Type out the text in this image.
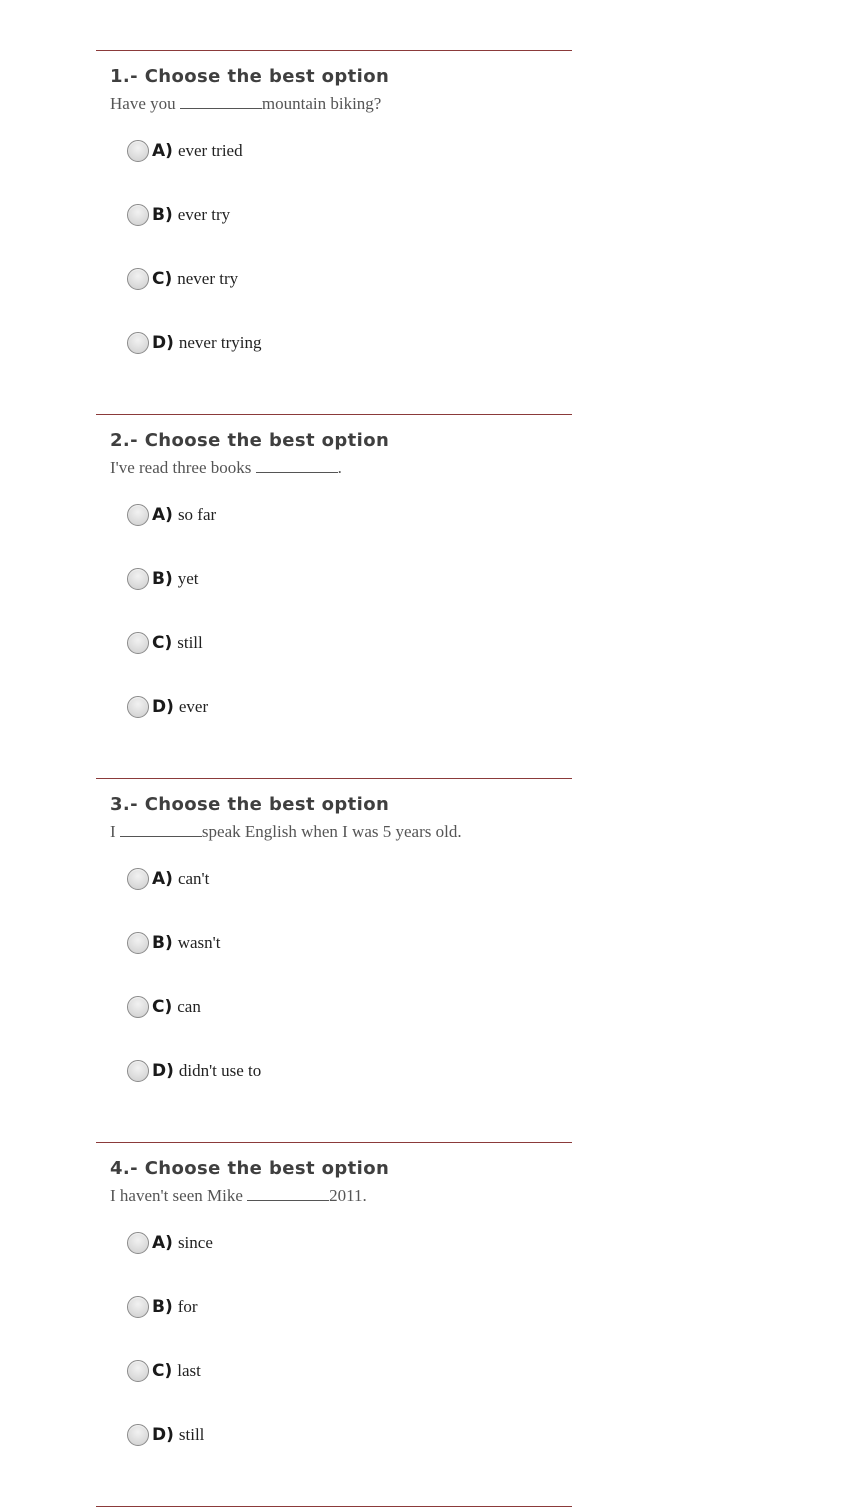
1.- Choose the best option
Have you	mountain biking?
A) ever tried
B) ever try
C) never try
D) never trying
2.- Choose the best option
I've read three books	.
A) so far
B) yet
C) still
D) ever
3.- Choose the best option
I	speak English when I was 5 years old.
A) can't
B) wasn't
C) can
D) didn't use to
4.- Choose the best option
I haven't seen Mike	2011.
A) since
B) for
C) last
D) still
